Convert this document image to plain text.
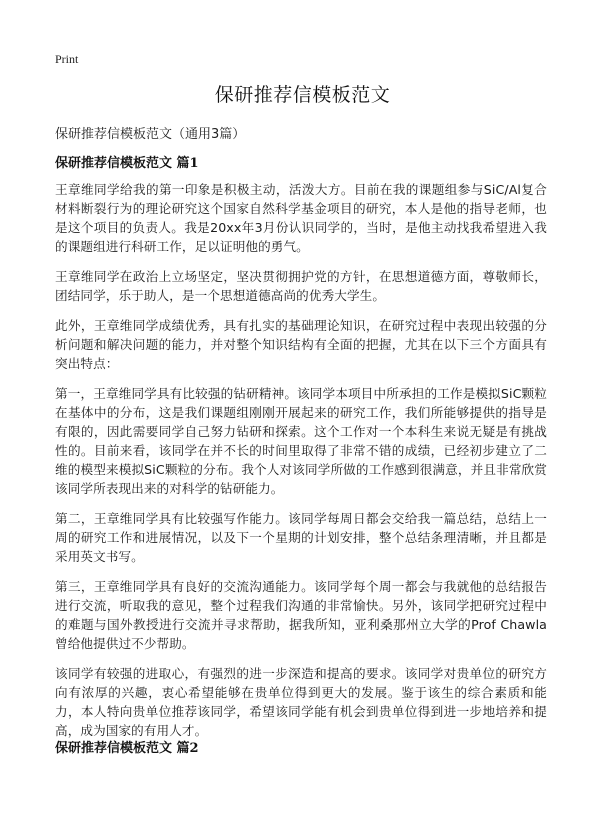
Print
保研推荐信模板范文
保研推荐信模板范文（通用3篇）
保研推荐信模板范文 篇1

王章维同学给我的第一印象是积极主动，活泼大方。目前在我的课题组参与SiC/Al复合材料断裂行为的理论研究这个国家自然科学基金项目的研究，本人是他的指导老师，也是这个项目的负责人。我是20xx年3月份认识同学的，当时，是他主动找我希望进入我的课题组进行科研工作，足以证明他的勇气。

王章维同学在政治上立场坚定，坚决贯彻拥护党的方针，在思想道德方面，尊敬师长，团结同学，乐于助人，是一个思想道德高尚的优秀大学生。

此外，王章维同学成绩优秀，具有扎实的基础理论知识，在研究过程中表现出较强的分析问题和解决问题的能力，并对整个知识结构有全面的把握，尤其在以下三个方面具有突出特点：

第一，王章维同学具有比较强的钻研精神。该同学本项目中所承担的工作是模拟SiC颗粒在基体中的分布，这是我们课题组刚刚开展起来的研究工作，我们所能够提供的指导是有限的，因此需要同学自己努力钻研和探索。这个工作对一个本科生来说无疑是有挑战性的。目前来看，该同学在并不长的时间里取得了非常不错的成绩，已经初步建立了二维的模型来模拟SiC颗粒的分布。我个人对该同学所做的工作感到很满意，并且非常欣赏该同学所表现出来的对科学的钻研能力。

第二，王章维同学具有比较强写作能力。该同学每周日都会交给我一篇总结，总结上一周的研究工作和进展情况，以及下一个星期的计划安排，整个总结条理清晰，并且都是采用英文书写。

第三，王章维同学具有良好的交流沟通能力。该同学每个周一都会与我就他的总结报告进行交流，听取我的意见，整个过程我们沟通的非常愉快。另外，该同学把研究过程中的难题与国外教授进行交流并寻求帮助，据我所知，亚利桑那州立大学的Prof Chawla曾给他提供过不少帮助。

该同学有较强的进取心，有强烈的进一步深造和提高的要求。该同学对贵单位的研究方向有浓厚的兴趣，衷心希望能够在贵单位得到更大的发展。鉴于该生的综合素质和能力，本人特向贵单位推荐该同学，希望该同学能有机会到贵单位得到进一步地培养和提高，成为国家的有用人才。

保研推荐信模板范文 篇2
